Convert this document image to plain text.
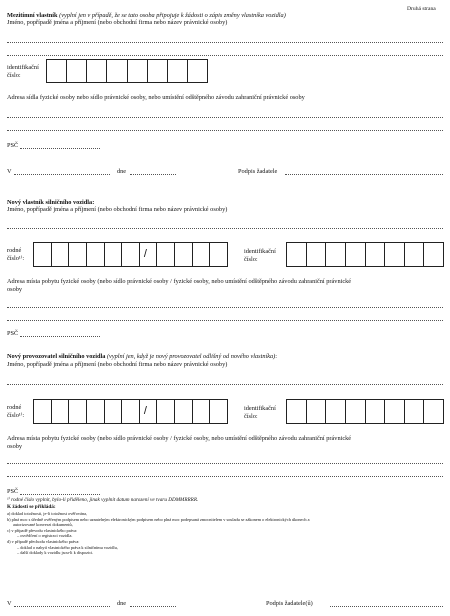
Druhá strana
Mezitímní vlastník (vyplní jen v případě, že se tato osoba připojuje k žádosti o zápis změny vlastníka vozidla)
Jméno, popřípadě jména a příjmení (nebo obchodní firma nebo název právnické osoby)
identifikační
číslo:
Adresa sídla fyzické osoby nebo sídlo právnické osoby, nebo umístění odštěpného závodu zahraniční právnické osoby
PSČ
V	dne	Podpis žadatele
Nový vlastník silničního vozidla:
Jméno, popřípadě jména a příjmení (nebo obchodní firma nebo název právnické osoby)
rodné
číslo¹⁾:	/	identifikační
číslo:
Adresa místa pobytu fyzické osoby (nebo sídlo právnické osoby / fyzické osoby, nebo umístění odštěpného závodu zahraniční právnické
osoby
PSČ
Nový provozovatel silničního vozidla (vyplní jen, když je nový provozovatel odlišný od nového vlastníka):
Jméno, popřípadě jména a příjmení (nebo obchodní firma nebo název právnické osoby)
rodné
číslo¹⁾:	/	identifikační
číslo:
Adresa místa pobytu fyzické osoby (nebo sídlo právnické osoby / fyzické osoby, nebo umístění odštěpného závodu zahraniční právnické
osoby
PSČ
¹⁾ rodné číslo vyplnit, bylo-li přiděleno, jinak vyplnit datum narození ve tvaru DDMMRRRR.
K žádosti se přikládá:
a) doklad totožnosti, je-li totožnost ověřována,
b) plná moc s úředně ověřeným podpisem nebo uznatelným elektronickým podpisem nebo plná moc podepsaná zmocnitelem v souladu se zákonem o elektronických úkonech a
autorizované konverzi dokumentů,
c) v případě převodu vlastnického práva:
– osvědčení o registraci vozidla.
d) v případě přechodu vlastnického práva:
– doklad o nabytí vlastnického práva k silničnímu vozidlu,
– další doklady k vozidlu jsou-li k dispozici.
V	dne	Podpis žadatele(ů)
